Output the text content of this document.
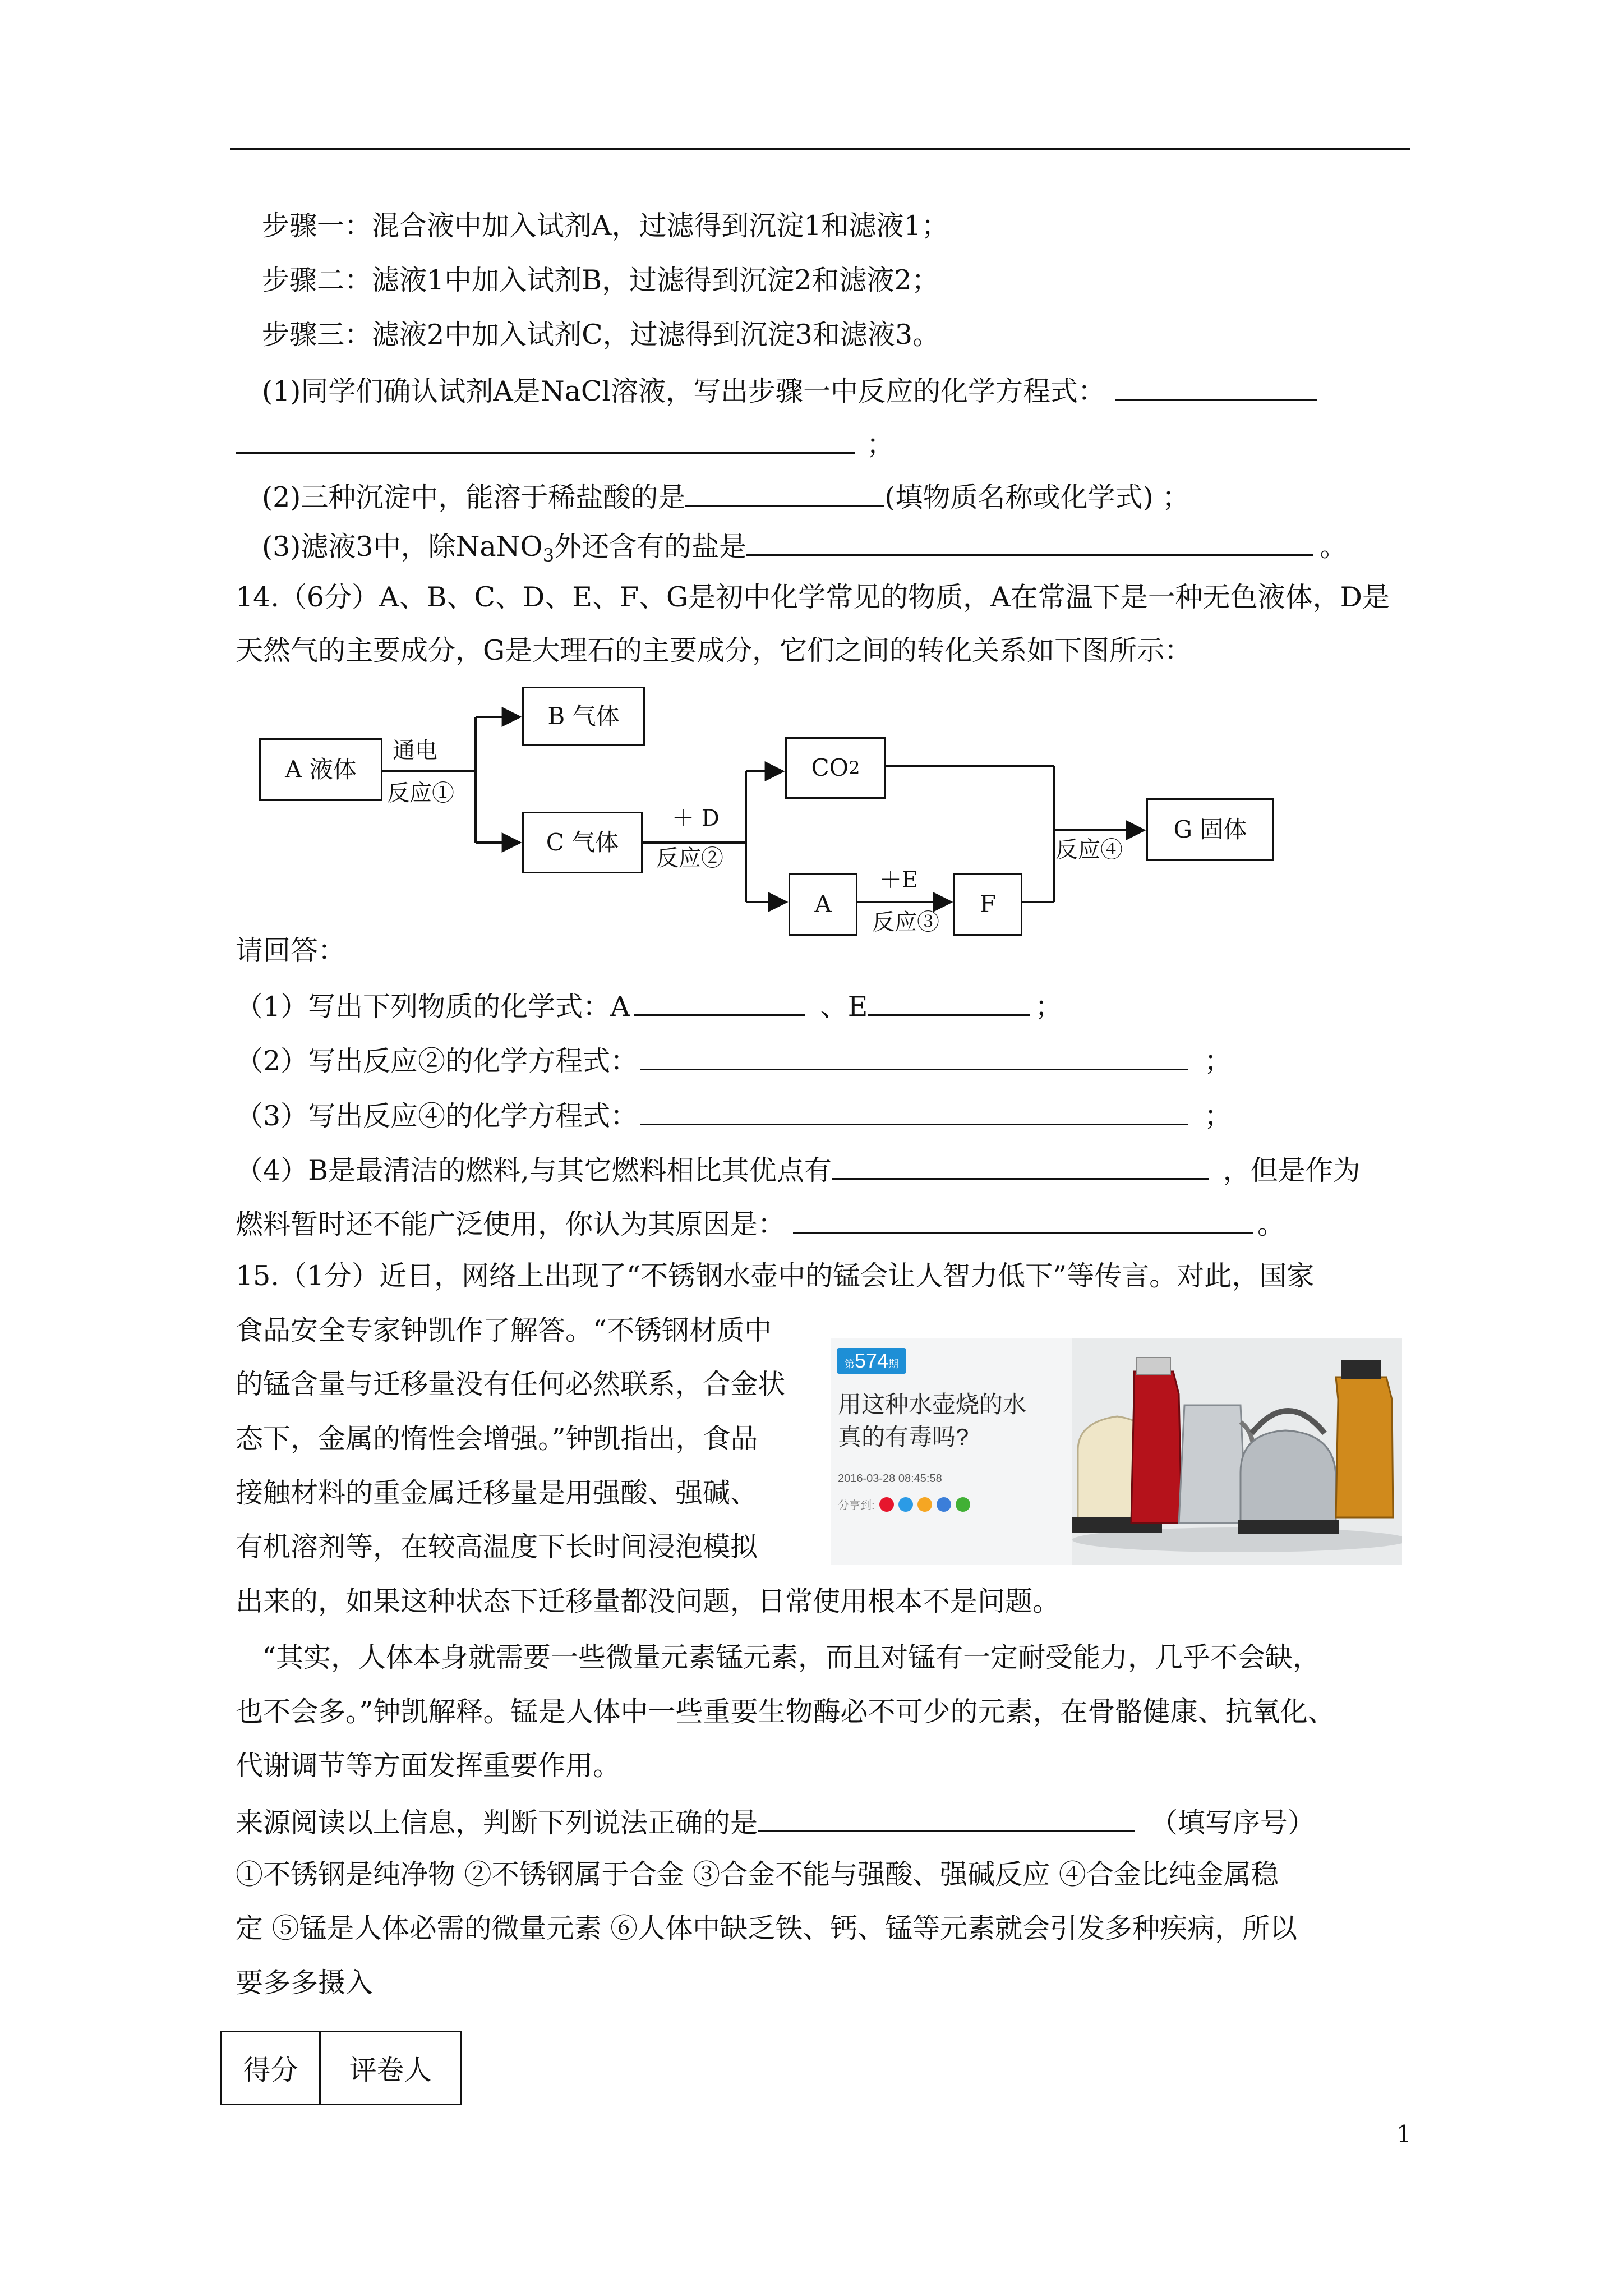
步骤一：混合液中加入试剂A，过滤得到沉淀1和滤液1；
步骤二：滤液1中加入试剂B，过滤得到沉淀2和滤液2；
步骤三：滤液2中加入试剂C，过滤得到沉淀3和滤液3。
(1)同学们确认试剂A是NaCl溶液，写出步骤一中反应的化学方程式：
；
(2)三种沉淀中，能溶于稀盐酸的是	(填物质名称或化学式) ；
(3)滤液3中，除NaNO$_3$外还含有的盐是	。
14.（6分）A、B、C、D、E、F、G是初中化学常见的物质，A在常温下是一种无色液体，D是
天然气的主要成分，G是大理石的主要成分，它们之间的转化关系如下图所示：
A 液体
B 气体
C 气体
CO 2
A	F
G 固体
通电
反应①
＋ D
反应②
＋E
反应③
反应④
请回答：
（1）写出下列物质的化学式：A	、E	；
（2）写出反应②的化学方程式：	；
（3）写出反应④的化学方程式：	；
（4）B是最清洁的燃料,与其它燃料相比其优点有	，但是作为
燃料暂时还不能广泛使用，你认为其原因是：	。
15.（1分）近日，网络上出现了“不锈钢水壶中的锰会让人智力低下”等传言。对此，国家
食品安全专家钟凯作了解答。“不锈钢材质中
的锰含量与迁移量没有任何必然联系，合金状
态下，金属的惰性会增强。”钟凯指出，食品
接触材料的重金属迁移量是用强酸、强碱、
有机溶剂等，在较高温度下长时间浸泡模拟
出来的，如果这种状态下迁移量都没问题，日常使用根本不是问题。
“其实，人体本身就需要一些微量元素锰元素，而且对锰有一定耐受能力，几乎不会缺，
也不会多。”钟凯解释。锰是人体中一些重要生物酶必不可少的元素，在骨骼健康、抗氧化、
代谢调节等方面发挥重要作用。
来源阅读以上信息，判断下列说法正确的是	（填写序号）
①不锈钢是纯净物 ②不锈钢属于合金 ③合金不能与强酸、强碱反应 ④合金比纯金属稳
定 ⑤锰是人体必需的微量元素 ⑥人体中缺乏铁、钙、锰等元素就会引发多种疾病，所以
要多多摄入
第574期
用这种水壶烧的水
真的有毒吗?
2016-03-28 08:45:58
分享到:
得分	评卷人
1
